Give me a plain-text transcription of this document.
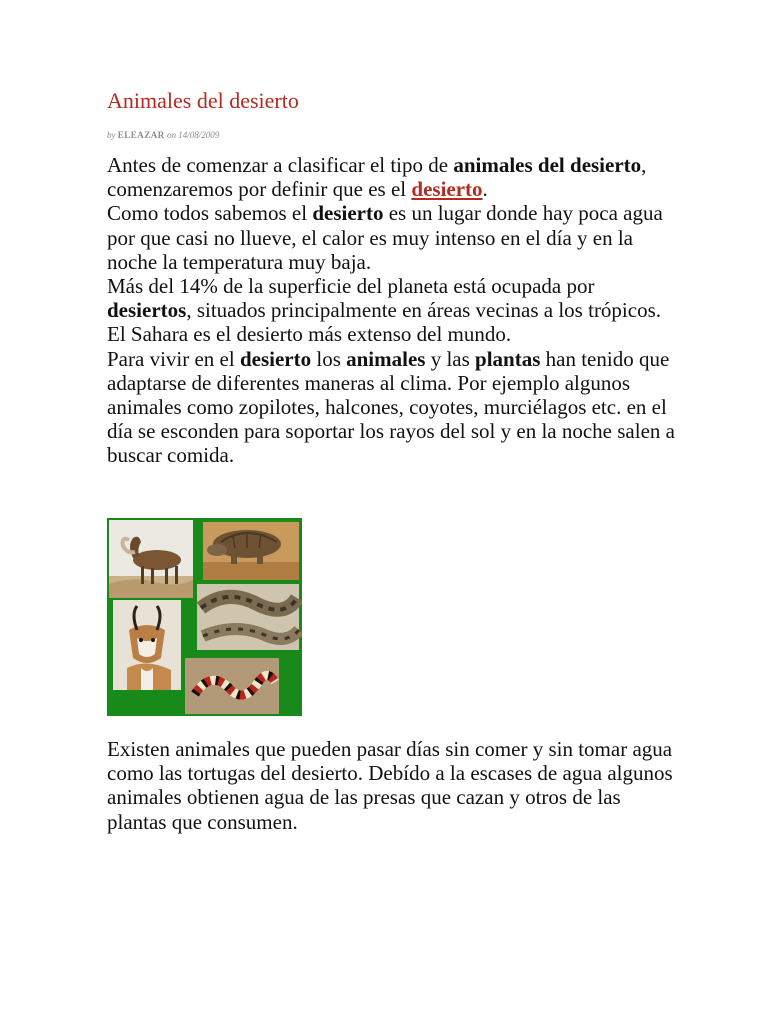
Animales del desierto
by ELEAZAR on 14/08/2009
Antes de comenzar a clasificar el tipo de animales del desierto, comenzaremos por definir que es el desierto.
Como todos sabemos el desierto es un lugar donde hay poca agua por que casi no llueve, el calor es muy intenso en el día y en la noche la temperatura muy baja.
Más del 14% de la superficie del planeta está ocupada por desiertos, situados principalmente en áreas vecinas a los trópicos. El Sahara es el desierto más extenso del mundo.
Para vivir en el desierto los animales y las plantas han tenido que adaptarse de diferentes maneras al clima. Por ejemplo algunos animales como zopilotes, halcones, coyotes, murciélagos etc. en el día se esconden para soportar los rayos del sol y en la noche salen a buscar comida.
Existen animales que pueden pasar días sin comer y sin tomar agua como las tortugas del desierto. Debído a la escases de agua algunos animales obtienen agua de las presas que cazan y otros de las plantas que consumen.
